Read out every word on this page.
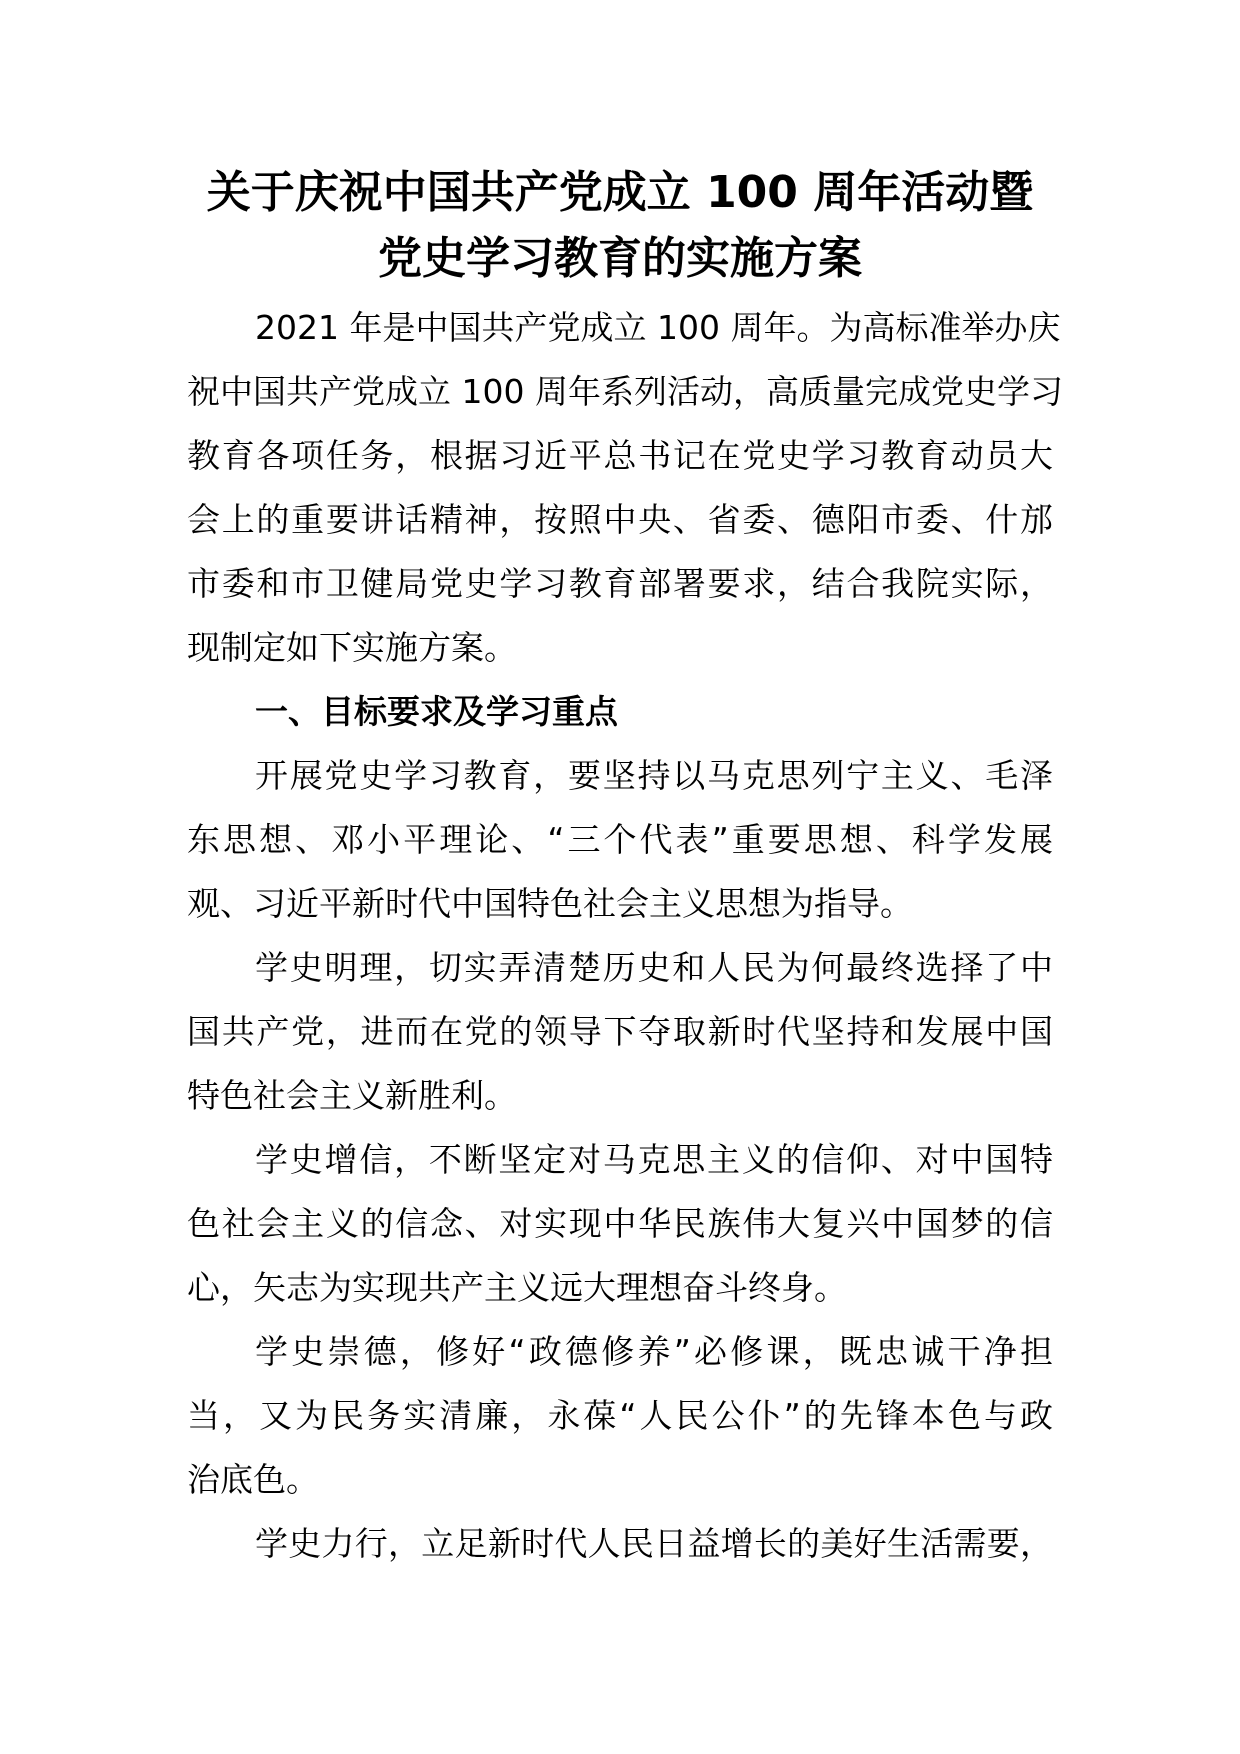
关于庆祝中国共产党成立 100 周年活动暨
党史学习教育的实施方案
2021 年是中国共产党成立 100 周年。为高标准举办庆
祝中国共产党成立 100 周年系列活动，高质量完成党史学习
教育各项任务，根据习近平总书记在党史学习教育动员大
会上的重要讲话精神，按照中央、省委、德阳市委、什邡
市委和市卫健局党史学习教育部署要求，结合我院实际，
现制定如下实施方案。
一、目标要求及学习重点
开展党史学习教育，要坚持以马克思列宁主义、毛泽
东思想、邓小平理论、“三个代表”重要思想、科学发展
观、习近平新时代中国特色社会主义思想为指导。
学史明理，切实弄清楚历史和人民为何最终选择了中
国共产党，进而在党的领导下夺取新时代坚持和发展中国
特色社会主义新胜利。
学史增信，不断坚定对马克思主义的信仰、对中国特
色社会主义的信念、对实现中华民族伟大复兴中国梦的信
心，矢志为实现共产主义远大理想奋斗终身。
学史崇德，修好“政德修养”必修课，既忠诚干净担
当，又为民务实清廉，永葆“人民公仆”的先锋本色与政
治底色。
学史力行，立足新时代人民日益增长的美好生活需要，
